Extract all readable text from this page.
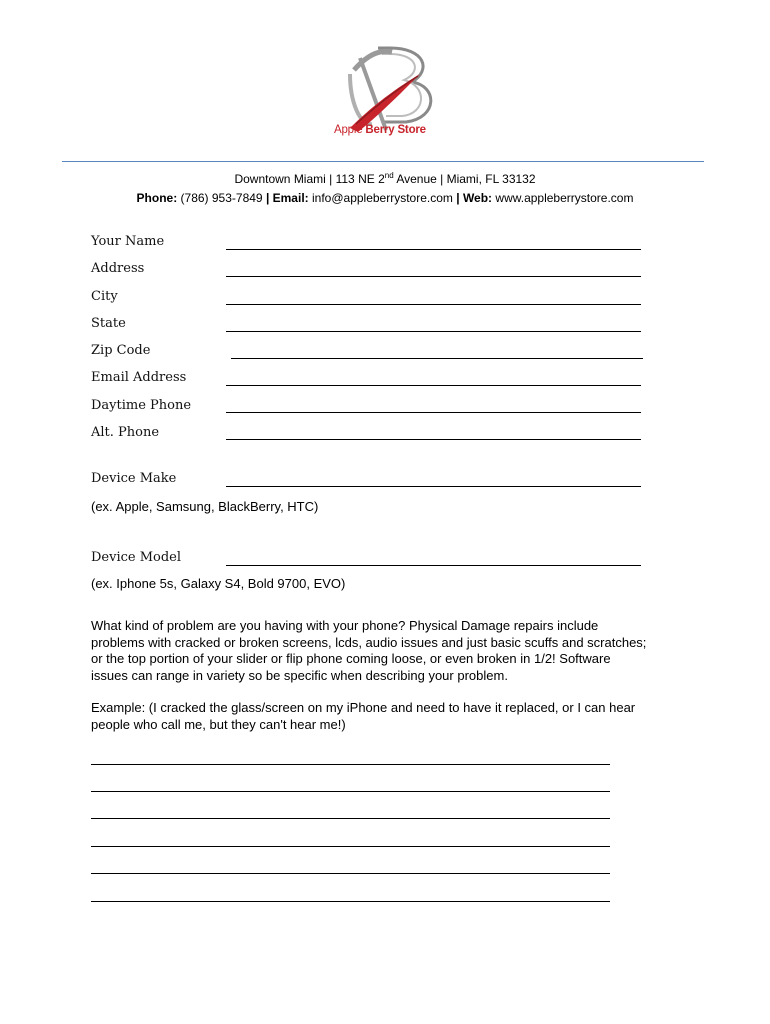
Apple Berry Store
Downtown Miami | 113 NE 2nd Avenue | Miami, FL 33132
Phone: (786) 953-7849 | Email: info@appleberrystore.com | Web: www.appleberrystore.com
Your Name
Address
City
State
Zip Code
Email Address
Daytime Phone
Alt. Phone
Device Make
(ex. Apple, Samsung, BlackBerry, HTC)
Device Model
(ex. Iphone 5s, Galaxy S4, Bold 9700, EVO)
What kind of problem are you having with your phone? Physical Damage repairs include problems with cracked or broken screens, lcds, audio issues and just basic scuffs and scratches; or the top portion of your slider or flip phone coming loose, or even broken in 1/2! Software issues can range in variety so be specific when describing your problem.
Example: (I cracked the glass/screen on my iPhone and need to have it replaced, or I can hear people who call me, but they can't hear me!)
